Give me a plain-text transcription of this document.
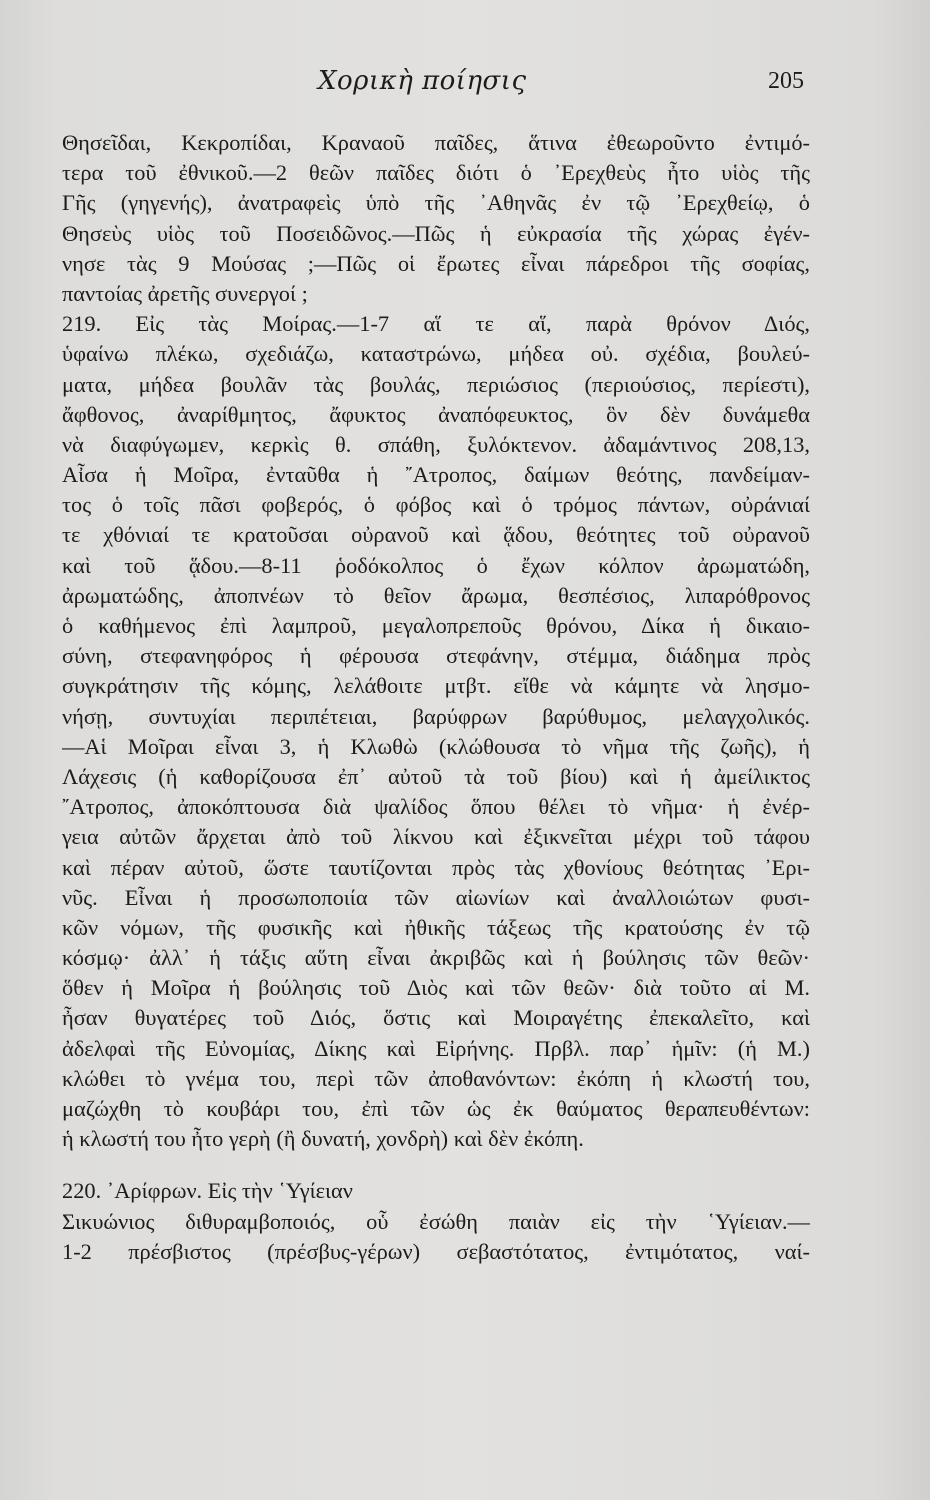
Χορικὴ ποίησις	205
Θησεῖδαι, Κεκροπίδαι, Κραναοῦ παῖδες, ἅτινα ἐθεωροῦντο ἐντιμό-
τερα τοῦ ἐθνικοῦ.—2 θεῶν παῖδες διότι ὁ ᾿Ερεχθεὺς ἦτο υἱὸς τῆς
Γῆς (γηγενής), ἀνατραφεὶς ὑπὸ τῆς ᾿Αθηνᾶς ἐν τῷ ᾿Ερεχθείῳ, ὁ
Θησεὺς υἱὸς τοῦ Ποσειδῶνος.—Πῶς ἡ εὐκρασία τῆς χώρας ἐγέν-
νησε τὰς 9 Μούσας ;—Πῶς οἱ ἔρωτες εἶναι πάρεδροι τῆς σοφίας,
παντοίας ἀρετῆς συνεργοί ;
219. Εἰς τὰς Μοίρας.—1-7 αἵ τε αἵ, παρὰ θρόνον Διός,
ὑφαίνω πλέκω, σχεδιάζω, καταστρώνω, μήδεα οὐ. σχέδια, βουλεύ-
ματα, μήδεα βουλᾶν τὰς βουλάς, περιώσιος (περιούσιος, περίεστι),
ἄφθονος, ἀναρίθμητος, ἄφυκτος ἀναπόφευκτος, ὃν δὲν δυνάμεθα
νὰ διαφύγωμεν, κερκὶς θ. σπάθη, ξυλόκτενον. ἀδαμάντινος 208,13,
Αἶσα ἡ Μοῖρα, ἐνταῦθα ἡ ῎Ατροπος, δαίμων θεότης, πανδείμαν-
τος ὁ τοῖς πᾶσι φοβερός, ὁ φόβος καὶ ὁ τρόμος πάντων, οὐράνιαί
τε χθόνιαί τε κρατοῦσαι οὐρανοῦ καὶ ᾅδου, θεότητες τοῦ οὐρανοῦ
καὶ τοῦ ᾅδου.—8-11 ῥοδόκολπος ὁ ἔχων κόλπον ἀρωματώδη,
ἀρωματώδης, ἀποπνέων τὸ θεῖον ἄρωμα, θεσπέσιος, λιπαρόθρονος
ὁ καθήμενος ἐπὶ λαμπροῦ, μεγαλοπρεποῦς θρόνου, Δίκα ἡ δικαιο-
σύνη, στεφανηφόρος ἡ φέρουσα στεφάνην, στέμμα, διάδημα πρὸς
συγκράτησιν τῆς κόμης, λελάθοιτε μτβτ. εἴθε νὰ κάμητε νὰ λησμο-
νήσῃ, συντυχίαι περιπέτειαι, βαρύφρων βαρύθυμος, μελαγχολικός.
—Αἱ Μοῖραι εἶναι 3, ἡ Κλωθὼ (κλώθουσα τὸ νῆμα τῆς ζωῆς), ἡ
Λάχεσις (ἡ καθορίζουσα ἐπ᾿ αὐτοῦ τὰ τοῦ βίου) καὶ ἡ ἀμείλικτος
῎Ατροπος, ἀποκόπτουσα διὰ ψαλίδος ὅπου θέλει τὸ νῆμα· ἡ ἐνέρ-
γεια αὐτῶν ἄρχεται ἀπὸ τοῦ λίκνου καὶ ἐξικνεῖται μέχρι τοῦ τάφου
καὶ πέραν αὐτοῦ, ὥστε ταυτίζονται πρὸς τὰς χθονίους θεότητας ᾿Ερι-
νῦς. Εἶναι ἡ προσωποποιία τῶν αἰωνίων καὶ ἀναλλοιώτων φυσι-
κῶν νόμων, τῆς φυσικῆς καὶ ἠθικῆς τάξεως τῆς κρατούσης ἐν τῷ
κόσμῳ· ἀλλ᾿ ἡ τάξις αὕτη εἶναι ἀκριβῶς καὶ ἡ βούλησις τῶν θεῶν·
ὅθεν ἡ Μοῖρα ἡ βούλησις τοῦ Διὸς καὶ τῶν θεῶν· διὰ τοῦτο αἱ Μ.
ἦσαν θυγατέρες τοῦ Διός, ὅστις καὶ Μοιραγέτης ἐπεκαλεῖτο, καὶ
ἀδελφαὶ τῆς Εὐνομίας, Δίκης καὶ Εἰρήνης. Πρβλ. παρ᾿ ἡμῖν: (ἡ Μ.)
κλώθει τὸ γνέμα του, περὶ τῶν ἀποθανόντων: ἐκόπη ἡ κλωστή του,
μαζώχθη τὸ κουβάρι του, ἐπὶ τῶν ὡς ἐκ θαύματος θεραπευθέντων:
ἡ κλωστή του ἦτο γερὴ (ἢ δυνατή, χονδρὴ) καὶ δὲν ἐκόπη.
220. ᾿Αρίφρων. Εἰς τὴν ῾Υγίειαν
Σικυώνιος διθυραμβοποιός, οὗ ἐσώθη παιὰν εἰς τὴν ῾Υγίειαν.—
1-2 πρέσβιστος (πρέσβυς-γέρων) σεβαστότατος, ἐντιμότατος, ναί-
